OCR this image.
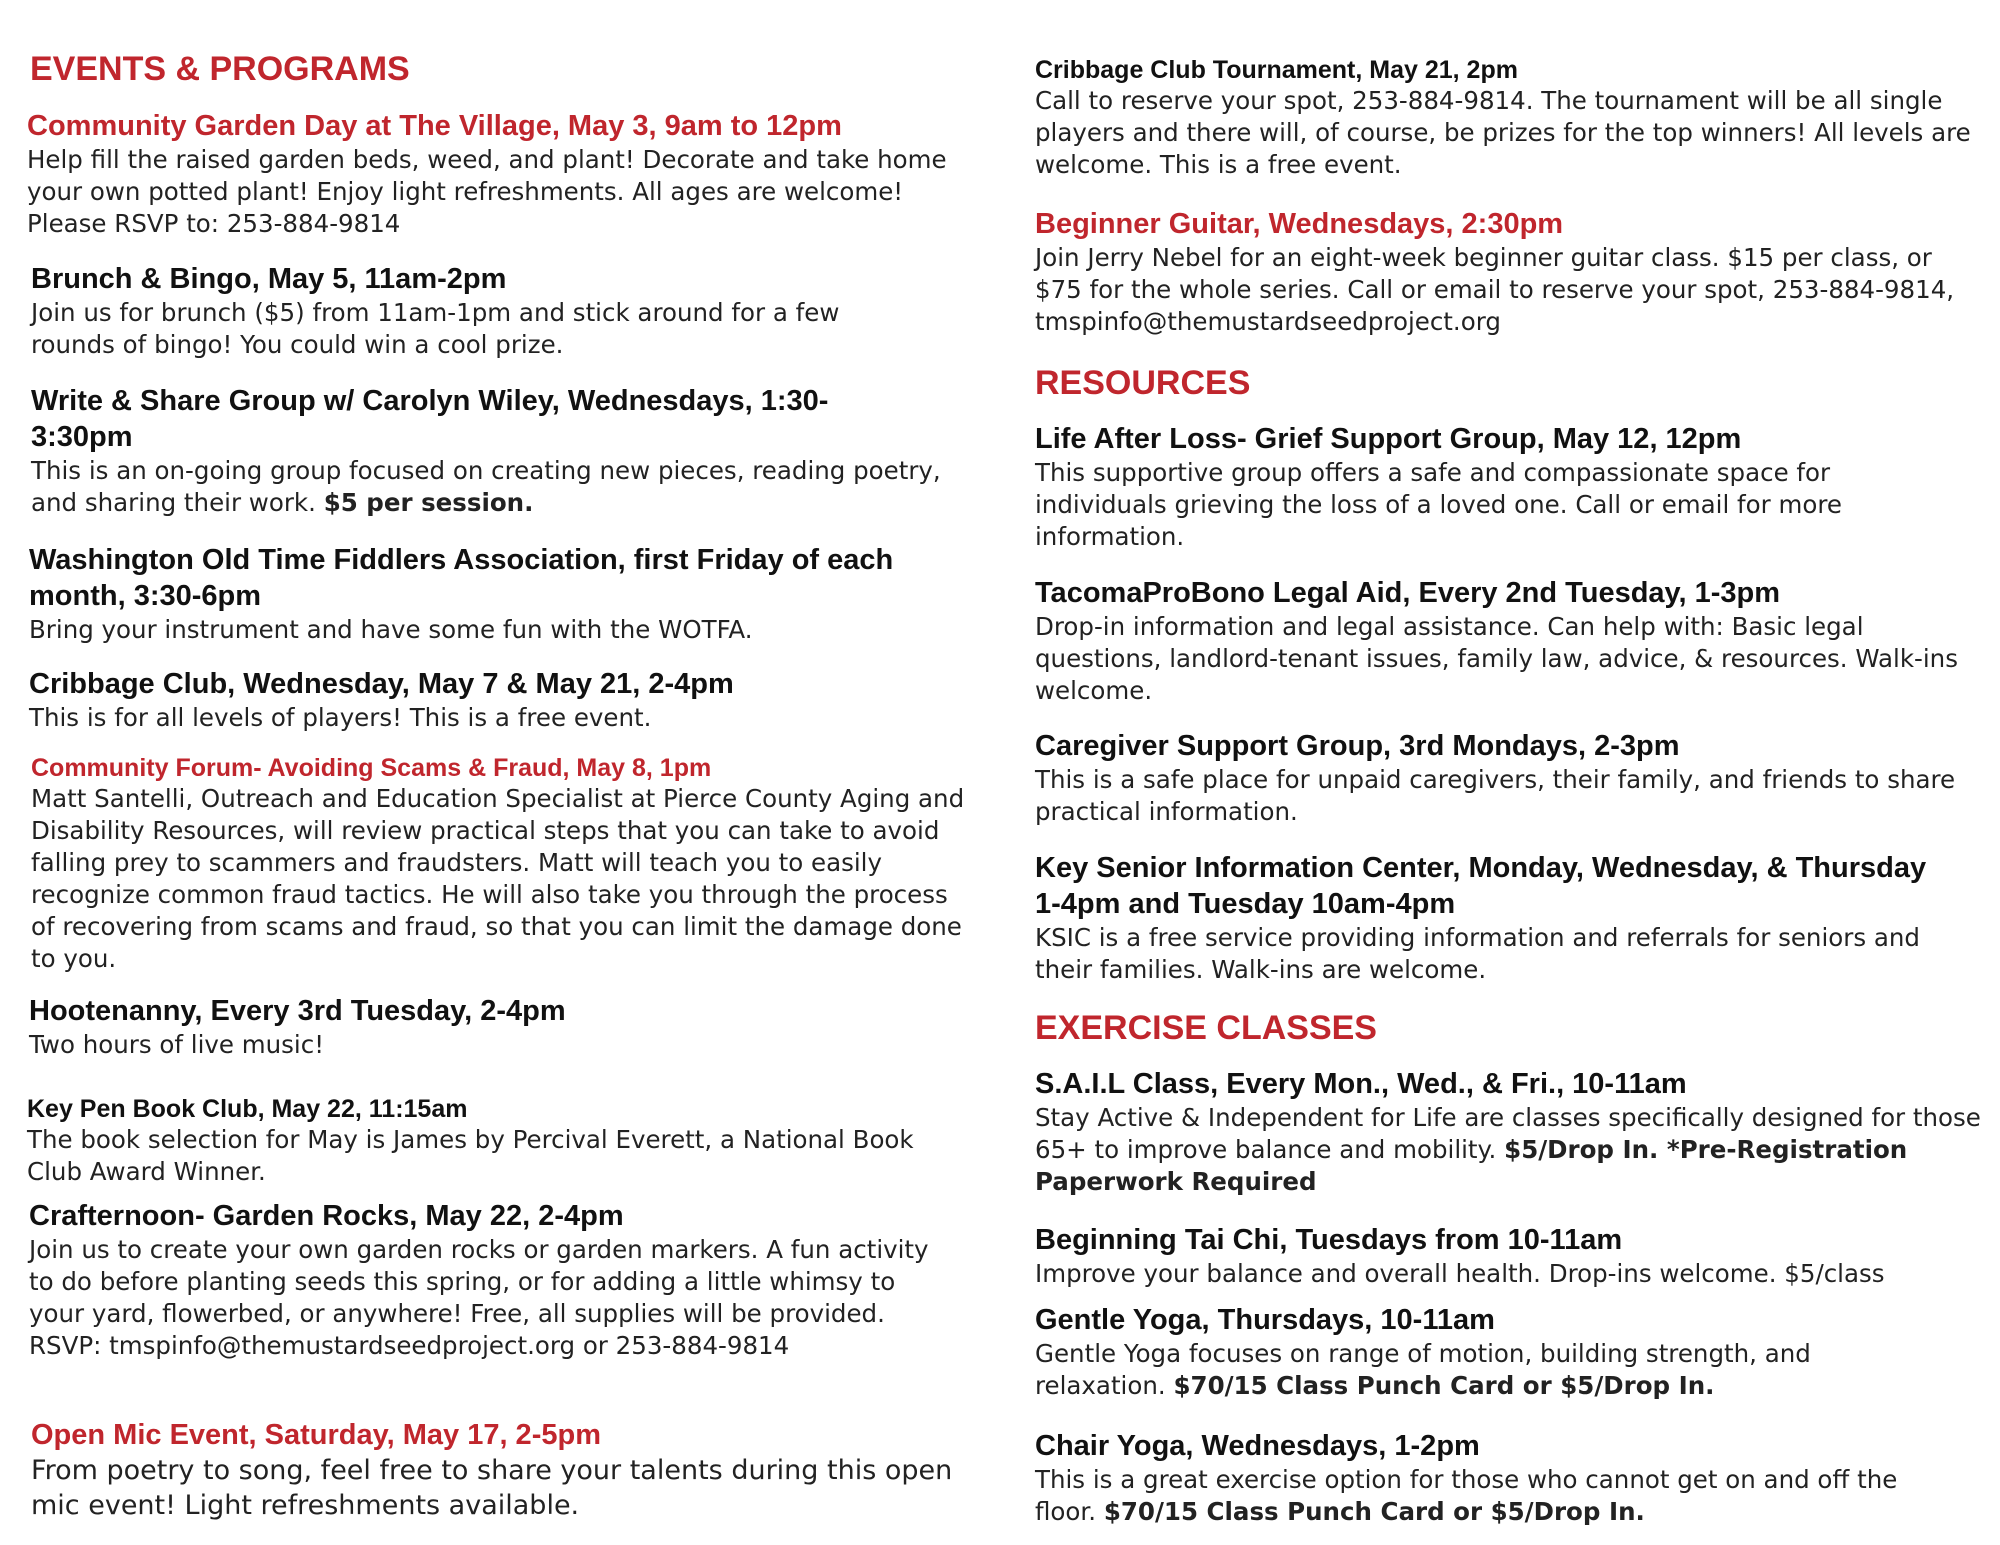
EVENTS & PROGRAMS
Community Garden Day at The Village, May 3, 9am to 12pm
Help fill the raised garden beds, weed, and plant! Decorate and take home your own potted plant! Enjoy light refreshments. All ages are welcome! Please RSVP to: 253-884-9814
Brunch & Bingo, May 5, 11am-2pm
Join us for brunch ($5) from 11am-1pm and stick around for a few rounds of bingo! You could win a cool prize.
Write & Share Group w/ Carolyn Wiley, Wednesdays, 1:30-3:30pm
This is an on-going group focused on creating new pieces, reading poetry, and sharing their work. $5 per session.
Washington Old Time Fiddlers Association, first Friday of each month, 3:30-6pm
Bring your instrument and have some fun with the WOTFA.
Cribbage Club, Wednesday, May 7 & May 21, 2-4pm
This is for all levels of players! This is a free event.
Community Forum- Avoiding Scams & Fraud, May 8, 1pm
Matt Santelli, Outreach and Education Specialist at Pierce County Aging and Disability Resources, will review practical steps that you can take to avoid falling prey to scammers and fraudsters. Matt will teach you to easily recognize common fraud tactics. He will also take you through the process of recovering from scams and fraud, so that you can limit the damage done to you.
Hootenanny, Every 3rd Tuesday, 2-4pm
Two hours of live music!
Key Pen Book Club, May 22, 11:15am
The book selection for May is James by Percival Everett, a National Book Club Award Winner.
Crafternoon- Garden Rocks, May 22, 2-4pm
Join us to create your own garden rocks or garden markers. A fun activity to do before planting seeds this spring, or for adding a little whimsy to your yard, flowerbed, or anywhere! Free, all supplies will be provided. RSVP: tmspinfo@themustardseedproject.org or 253-884-9814
Open Mic Event, Saturday, May 17, 2-5pm
From poetry to song, feel free to share your talents during this open mic event! Light refreshments available.
Cribbage Club Tournament, May 21, 2pm
Call to reserve your spot, 253-884-9814. The tournament will be all single players and there will, of course, be prizes for the top winners! All levels are welcome. This is a free event.
Beginner Guitar, Wednesdays, 2:30pm
Join Jerry Nebel for an eight-week beginner guitar class. $15 per class, or $75 for the whole series. Call or email to reserve your spot, 253-884-9814, tmspinfo@themustardseedproject.org
RESOURCES
Life After Loss- Grief Support Group, May 12, 12pm
This supportive group offers a safe and compassionate space for individuals grieving the loss of a loved one. Call or email for more information.
TacomaProBono Legal Aid, Every 2nd Tuesday, 1-3pm
Drop-in information and legal assistance. Can help with: Basic legal questions, landlord-tenant issues, family law, advice, & resources. Walk-ins welcome.
Caregiver Support Group, 3rd Mondays, 2-3pm
This is a safe place for unpaid caregivers, their family, and friends to share practical information.
Key Senior Information Center, Monday, Wednesday, & Thursday 1-4pm and Tuesday 10am-4pm
KSIC is a free service providing information and referrals for seniors and their families. Walk-ins are welcome.
EXERCISE CLASSES
S.A.I.L Class, Every Mon., Wed., & Fri., 10-11am
Stay Active & Independent for Life are classes specifically designed for those 65+ to improve balance and mobility. $5/Drop In. *Pre-Registration Paperwork Required
Beginning Tai Chi, Tuesdays from 10-11am
Improve your balance and overall health. Drop-ins welcome. $5/class
Gentle Yoga, Thursdays, 10-11am
Gentle Yoga focuses on range of motion, building strength, and relaxation. $70/15 Class Punch Card or $5/Drop In.
Chair Yoga, Wednesdays, 1-2pm
This is a great exercise option for those who cannot get on and off the floor. $70/15 Class Punch Card or $5/Drop In.
